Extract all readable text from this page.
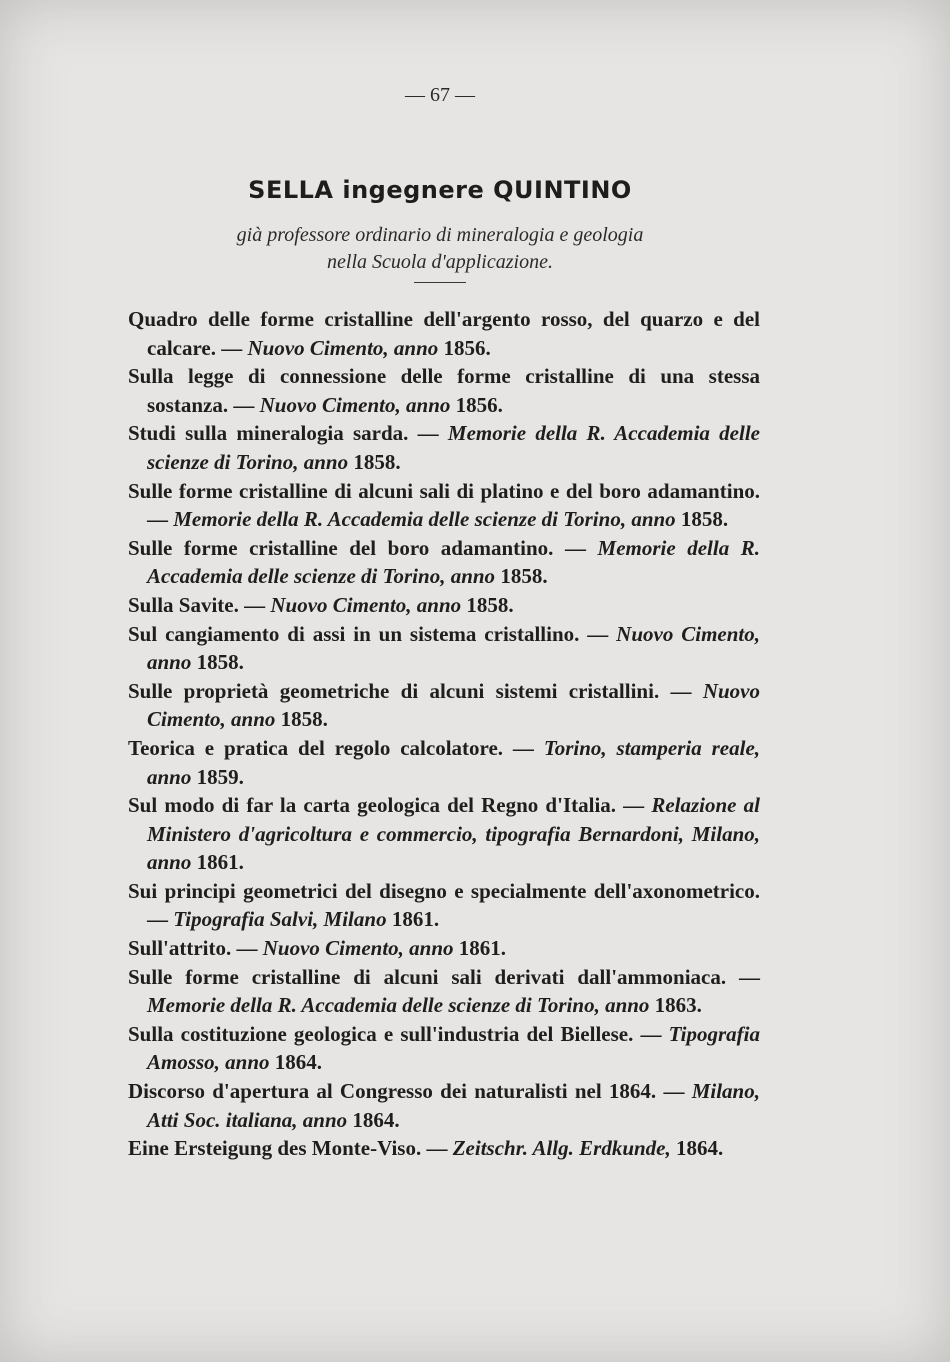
— 67 —
SELLA ingegnere QUINTINO
già professore ordinario di mineralogia e geologia
nella Scuola d'applicazione.
Quadro delle forme cristalline dell'argento rosso, del quarzo e del calcare. — Nuovo Cimento, anno 1856.
Sulla legge di connessione delle forme cristalline di una stessa sostanza. — Nuovo Cimento, anno 1856.
Studi sulla mineralogia sarda. — Memorie della R. Accademia delle scienze di Torino, anno 1858.
Sulle forme cristalline di alcuni sali di platino e del boro adamantino. — Memorie della R. Accademia delle scienze di Torino, anno 1858.
Sulle forme cristalline del boro adamantino. — Memorie della R. Accademia delle scienze di Torino, anno 1858.
Sulla Savite. — Nuovo Cimento, anno 1858.
Sul cangiamento di assi in un sistema cristallino. — Nuovo Cimento, anno 1858.
Sulle proprietà geometriche di alcuni sistemi cristallini. — Nuovo Cimento, anno 1858.
Teorica e pratica del regolo calcolatore. — Torino, stamperia reale, anno 1859.
Sul modo di far la carta geologica del Regno d'Italia. — Relazione al Ministero d'agricoltura e commercio, tipografia Bernardoni, Milano, anno 1861.
Sui principi geometrici del disegno e specialmente dell'axonometrico. — Tipografia Salvi, Milano 1861.
Sull'attrito. — Nuovo Cimento, anno 1861.
Sulle forme cristalline di alcuni sali derivati dall'ammoniaca. — Memorie della R. Accademia delle scienze di Torino, anno 1863.
Sulla costituzione geologica e sull'industria del Biellese. — Tipografia Amosso, anno 1864.
Discorso d'apertura al Congresso dei naturalisti nel 1864. — Milano, Atti Soc. italiana, anno 1864.
Eine Ersteigung des Monte-Viso. — Zeitschr. Allg. Erdkunde, 1864.
